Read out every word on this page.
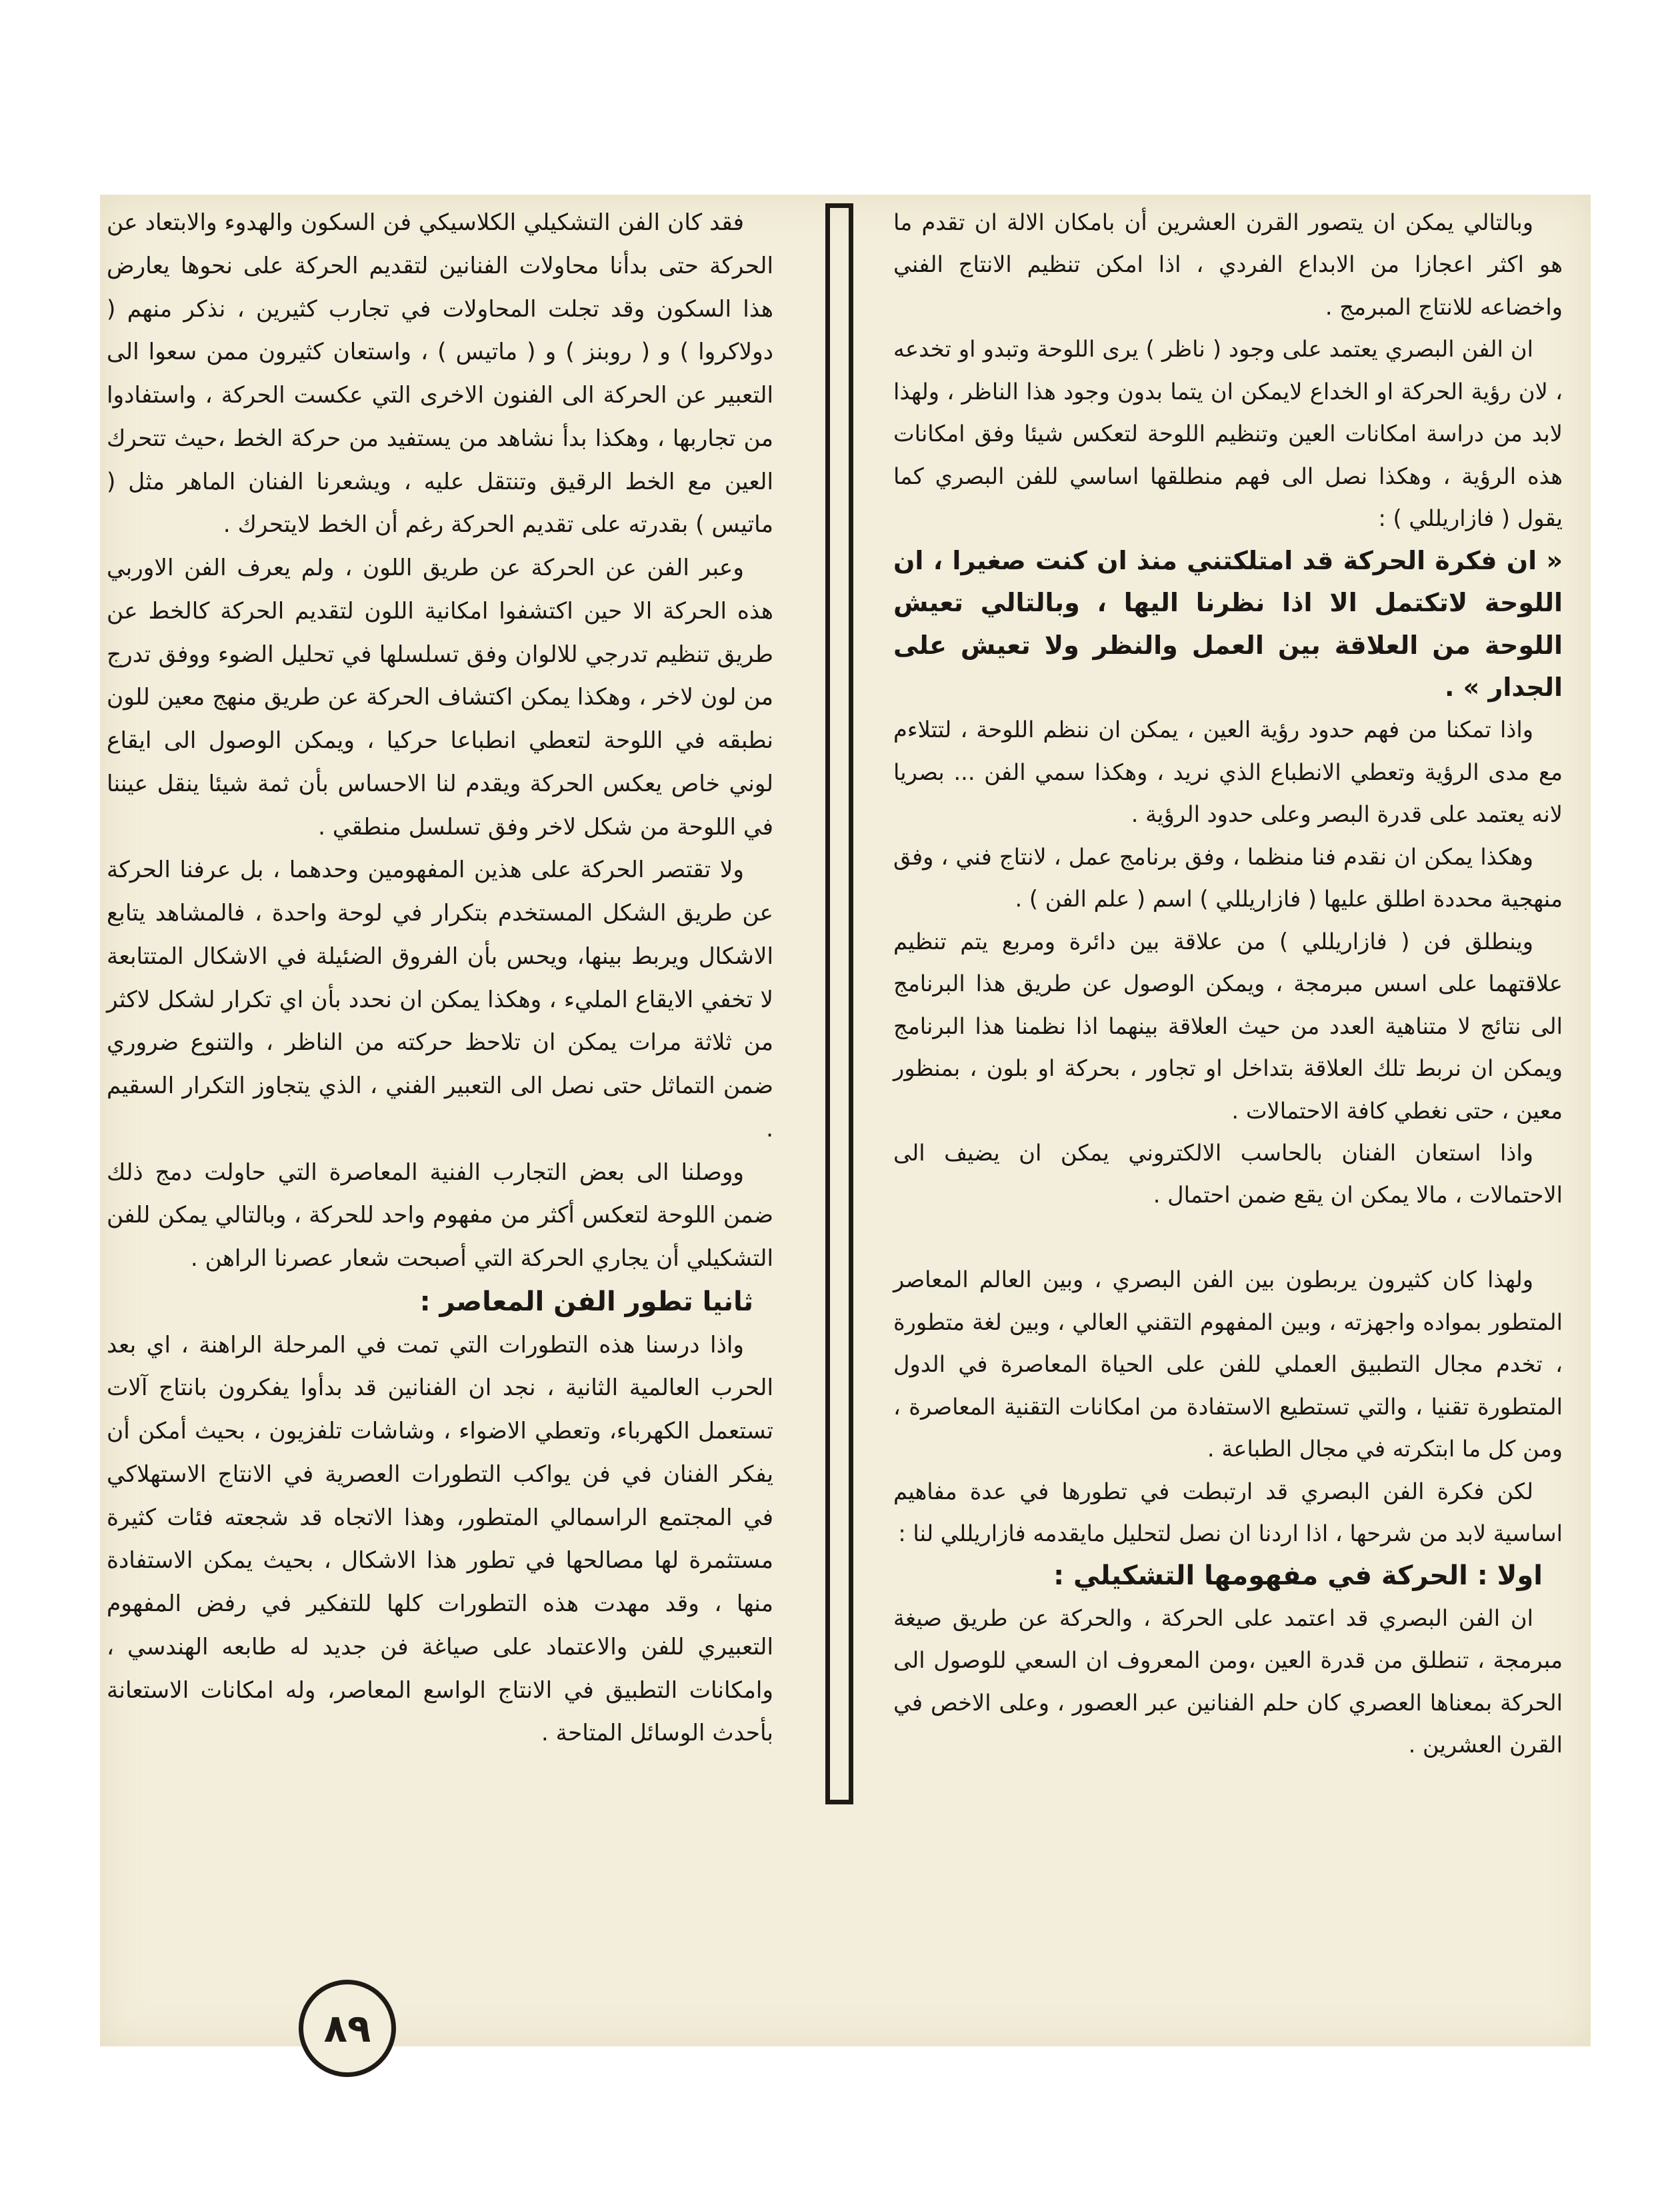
وبالتالي يمكن ان يتصور القرن العشرين أن بامكان الالة ان تقدم ما هو اكثر اعجازا من الابداع الفردي ، اذا امكن تنظيم الانتاج الفني واخضاعه للانتاج المبرمج .

ان الفن البصري يعتمد على وجود ( ناظر ) يرى اللوحة وتبدو او تخدعه ، لان رؤية الحركة او الخداع لايمكن ان يتما بدون وجود هذا الناظر ، ولهذا لابد من دراسة امكانات العين وتنظيم اللوحة لتعكس شيئا وفق امكانات هذه الرؤية ، وهكذا نصل الى فهم منطلقها اساسي للفن البصري كما يقول ( فازاريللي ) :

« ان فكرة الحركة قد امتلكتني منذ ان كنت صغيرا ، ان اللوحة لاتكتمل الا اذا نظرنا اليها ، وبالتالي تعيش اللوحة من العلاقة بين العمل والنظر ولا تعيش على الجدار » .

واذا تمكنا من فهم حدود رؤية العين ، يمكن ان ننظم اللوحة ، لتتلاءم مع مدى الرؤية وتعطي الانطباع الذي نريد ، وهكذا سمي الفن ... بصريا لانه يعتمد على قدرة البصر وعلى حدود الرؤية .

وهكذا يمكن ان نقدم فنا منظما ، وفق برنامج عمل ، لانتاج فني ، وفق منهجية محددة اطلق عليها ( فازاريللي ) اسم ( علم الفن ) .

وينطلق فن ( فازاريللي ) من علاقة بين دائرة ومربع يتم تنظيم علاقتهما على اسس مبرمجة ، ويمكن الوصول عن طريق هذا البرنامج الى نتائج لا متناهية العدد من حيث العلاقة بينهما اذا نظمنا هذا البرنامج ويمكن ان نربط تلك العلاقة بتداخل او تجاور ، بحركة او بلون ، بمنظور معين ، حتى نغطي كافة الاحتمالات .

واذا استعان الفنان بالحاسب الالكتروني يمكن ان يضيف الى الاحتمالات ، مالا يمكن ان يقع ضمن احتمال .

ولهذا كان كثيرون يربطون بين الفن البصري ، وبين العالم المعاصر المتطور بمواده واجهزته ، وبين المفهوم التقني العالي ، وبين لغة متطورة ، تخدم مجال التطبيق العملي للفن على الحياة المعاصرة في الدول المتطورة تقنيا ، والتي تستطيع الاستفادة من امكانات التقنية المعاصرة ، ومن كل ما ابتكرته في مجال الطباعة .

لكن فكرة الفن البصري قد ارتبطت في تطورها في عدة مفاهيم اساسية لابد من شرحها ، اذا اردنا ان نصل لتحليل مايقدمه فازاريللي لنا :

اولا : الحركة في مفهومها التشكيلي :

ان الفن البصري قد اعتمد على الحركة ، والحركة عن طريق صيغة مبرمجة ، تنطلق من قدرة العين ،ومن المعروف ان السعي للوصول الى الحركة بمعناها العصري كان حلم الفنانين عبر العصور ، وعلى الاخص في القرن العشرين .

فقد كان الفن التشكيلي الكلاسيكي فن السكون والهدوء والابتعاد عن الحركة حتى بدأنا محاولات الفنانين لتقديم الحركة على نحوها يعارض هذا السكون وقد تجلت المحاولات في تجارب كثيرين ، نذكر منهم ( دولاكروا ) و ( روبنز ) و ( ماتيس ) ، واستعان كثيرون ممن سعوا الى التعبير عن الحركة الى الفنون الاخرى التي عكست الحركة ، واستفادوا من تجاربها ، وهكذا بدأ نشاهد من يستفيد من حركة الخط ،حيث تتحرك العين مع الخط الرقيق وتنتقل عليه ، ويشعرنا الفنان الماهر مثل ( ماتيس ) بقدرته على تقديم الحركة رغم أن الخط لايتحرك .

وعبر الفن عن الحركة عن طريق اللون ، ولم يعرف الفن الاوربي هذه الحركة الا حين اكتشفوا امكانية اللون لتقديم الحركة كالخط عن طريق تنظيم تدرجي للالوان وفق تسلسلها في تحليل الضوء ووفق تدرج من لون لاخر ، وهكذا يمكن اكتشاف الحركة عن طريق منهج معين للون نطبقه في اللوحة لتعطي انطباعا حركيا ، ويمكن الوصول الى ايقاع لوني خاص يعكس الحركة ويقدم لنا الاحساس بأن ثمة شيئا ينقل عيننا في اللوحة من شكل لاخر وفق تسلسل منطقي .

ولا تقتصر الحركة على هذين المفهومين وحدهما ، بل عرفنا الحركة عن طريق الشكل المستخدم بتكرار في لوحة واحدة ، فالمشاهد يتابع الاشكال ويربط بينها، ويحس بأن الفروق الضئيلة في الاشكال المتتابعة لا تخفي الايقاع المليء ، وهكذا يمكن ان نحدد بأن اي تكرار لشكل لاكثر من ثلاثة مرات يمكن ان تلاحظ حركته من الناظر ، والتنوع ضروري ضمن التماثل حتى نصل الى التعبير الفني ، الذي يتجاوز التكرار السقيم .

ووصلنا الى بعض التجارب الفنية المعاصرة التي حاولت دمج ذلك ضمن اللوحة لتعكس أكثر من مفهوم واحد للحركة ، وبالتالي يمكن للفن التشكيلي أن يجاري الحركة التي أصبحت شعار عصرنا الراهن .

ثانيا تطور الفن المعاصر :

واذا درسنا هذه التطورات التي تمت في المرحلة الراهنة ، اي بعد الحرب العالمية الثانية ، نجد ان الفنانين قد بدأوا يفكرون بانتاج آلات تستعمل الكهرباء، وتعطي الاضواء ، وشاشات تلفزيون ، بحيث أمكن أن يفكر الفنان في فن يواكب التطورات العصرية في الانتاج الاستهلاكي في المجتمع الراسمالي المتطور، وهذا الاتجاه قد شجعته فئات كثيرة مستثمرة لها مصالحها في تطور هذا الاشكال ، بحيث يمكن الاستفادة منها ، وقد مهدت هذه التطورات كلها للتفكير في رفض المفهوم التعبيري للفن والاعتماد على صياغة فن جديد له طابعه الهندسي ، وامكانات التطبيق في الانتاج الواسع المعاصر، وله امكانات الاستعانة بأحدث الوسائل المتاحة .

٨٩
